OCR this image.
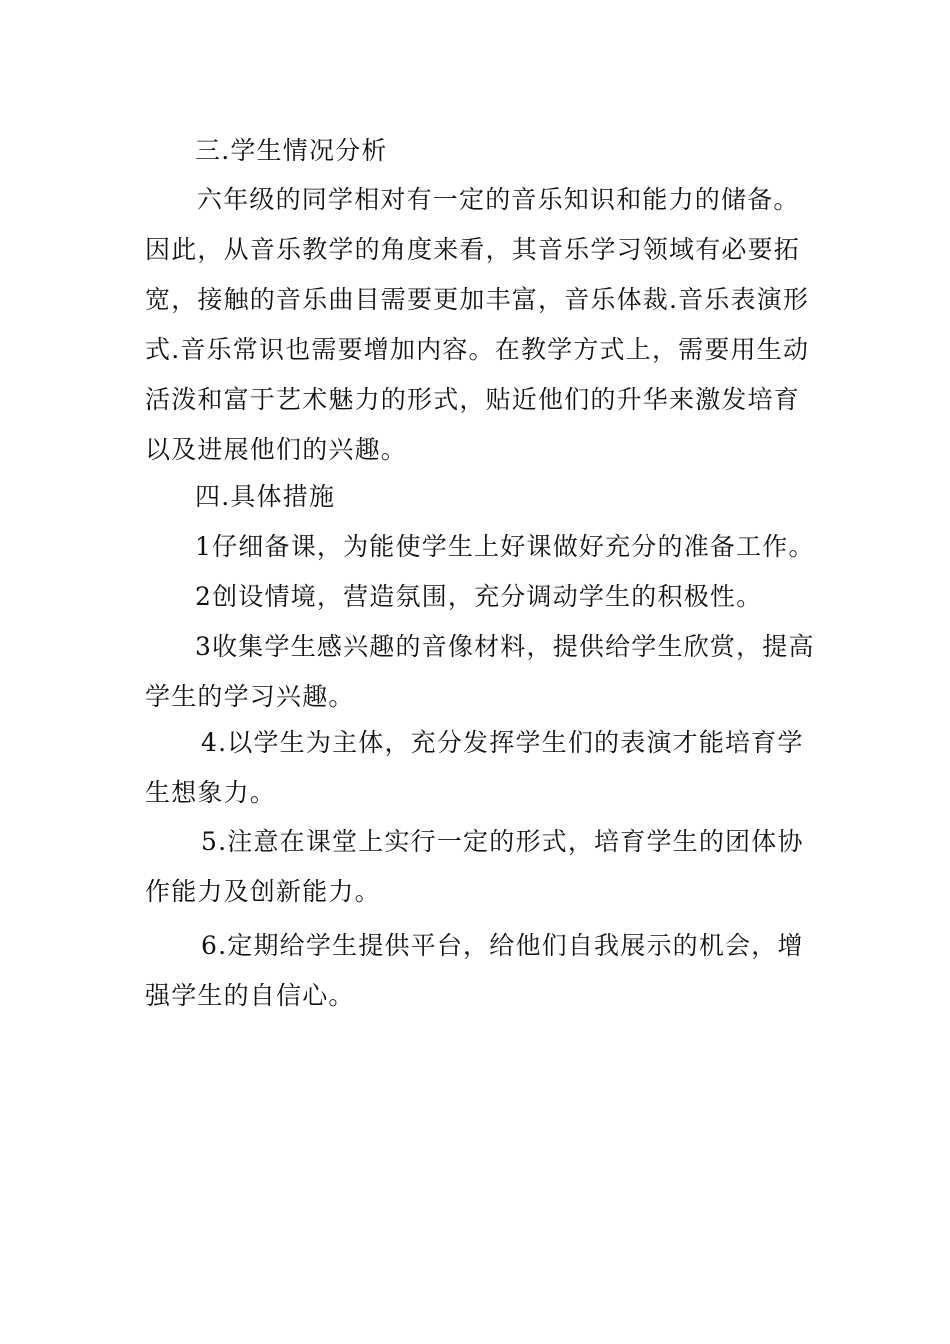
三.学生情况分析

六年级的同学相对有一定的音乐知识和能力的储备。
因此，从音乐教学的角度来看，其音乐学习领域有必要拓
宽，接触的音乐曲目需要更加丰富，音乐体裁.音乐表演形
式.音乐常识也需要增加内容。在教学方式上，需要用生动
活泼和富于艺术魅力的形式，贴近他们的升华来激发培育
以及进展他们的兴趣。

四.具体措施

1仔细备课，为能使学生上好课做好充分的准备工作。

2创设情境，营造氛围，充分调动学生的积极性。

3收集学生感兴趣的音像材料，提供给学生欣赏，提高
学生的学习兴趣。

4.以学生为主体，充分发挥学生们的表演才能培育学
生想象力。

5.注意在课堂上实行一定的形式，培育学生的团体协
作能力及创新能力。

6.定期给学生提供平台，给他们自我展示的机会，增
强学生的自信心。
